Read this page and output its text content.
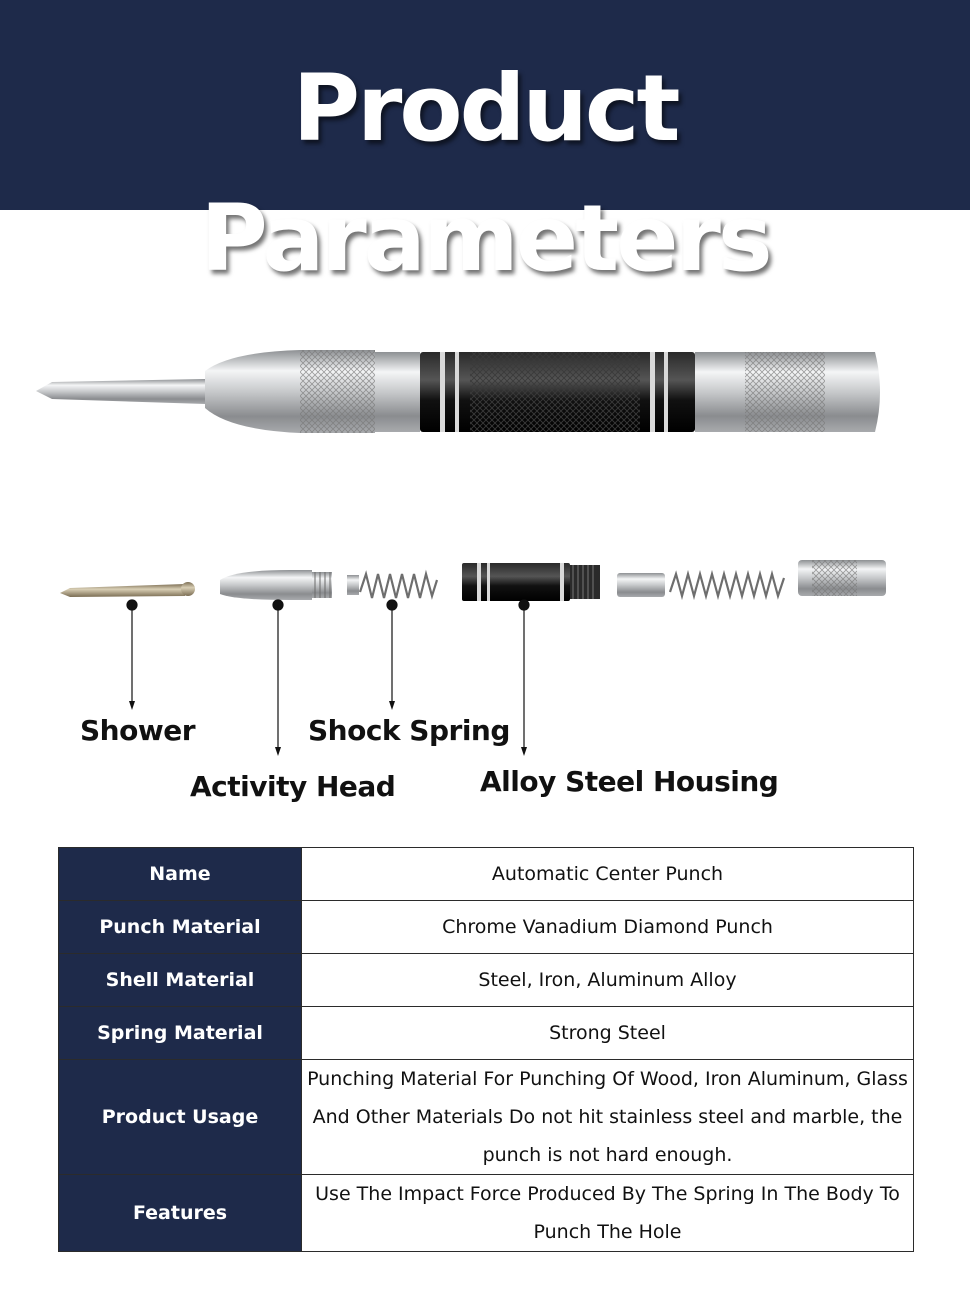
Product Parameters
Shower	Shock Spring
Activity Head	Alloy Steel Housing
Name	Automatic Center Punch
Punch Material	Chrome Vanadium Diamond Punch
Shell Material	Steel, Iron, Aluminum Alloy
Spring Material	Strong Steel
Product Usage	Punching Material For Punching Of Wood, Iron Aluminum, Glass And Other Materials Do not hit stainless steel and marble, the punch is not hard enough.
Features	Use The Impact Force Produced By The Spring In The Body To Punch The Hole
